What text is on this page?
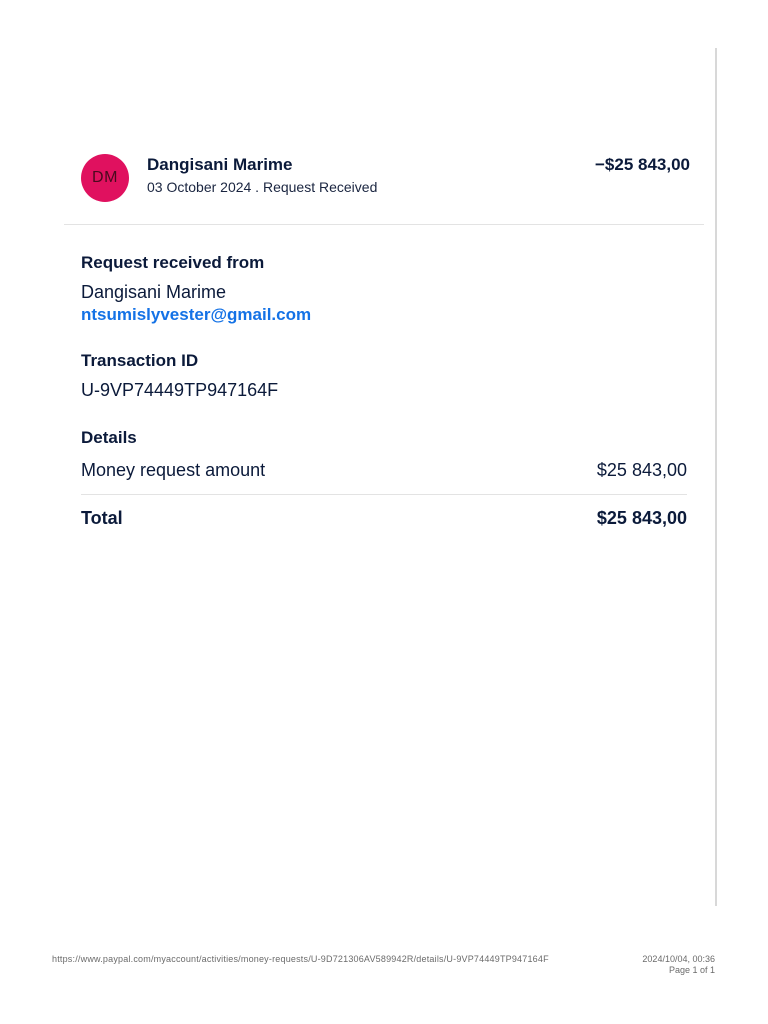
DM
Dangisani Marime
03 October 2024 . Request Received
−$25 843,00
Request received from
Dangisani Marime
ntsumislyvester@gmail.com
Transaction ID
U-9VP74449TP947164F
Details
Money request amount	$25 843,00
Total	$25 843,00
https://www.paypal.com/myaccount/activities/money-requests/U-9D721306AV589942R/details/U-9VP74449TP947164F	2024/10/04, 00:36
Page 1 of 1
